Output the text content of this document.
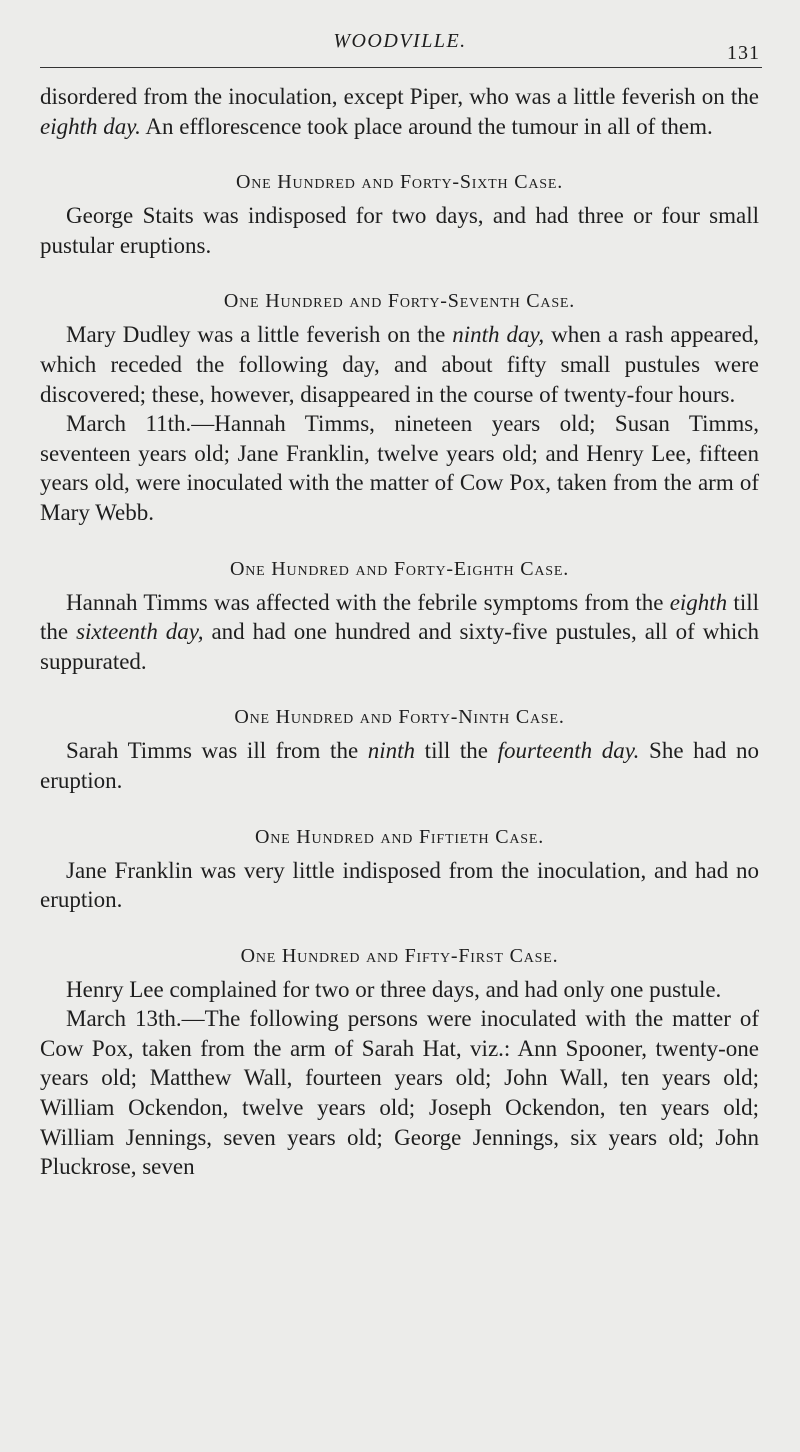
WOODVILLE.
131

disordered from the inoculation, except Piper, who was a little feverish on the eighth day. An efflorescence took place around the tumour in all of them.

One Hundred and Forty-Sixth Case.

George Staits was indisposed for two days, and had three or four small pustular eruptions.

One Hundred and Forty-Seventh Case.

Mary Dudley was a little feverish on the ninth day, when a rash appeared, which receded the following day, and about fifty small pustules were discovered; these, however, disappeared in the course of twenty-four hours.

March 11th.—Hannah Timms, nineteen years old; Susan Timms, seventeen years old; Jane Franklin, twelve years old; and Henry Lee, fifteen years old, were inoculated with the matter of Cow Pox, taken from the arm of Mary Webb.

One Hundred and Forty-Eighth Case.

Hannah Timms was affected with the febrile symptoms from the eighth till the sixteenth day, and had one hundred and sixty-five pustules, all of which suppurated.

One Hundred and Forty-Ninth Case.

Sarah Timms was ill from the ninth till the fourteenth day. She had no eruption.

One Hundred and Fiftieth Case.

Jane Franklin was very little indisposed from the inoculation, and had no eruption.

One Hundred and Fifty-First Case.

Henry Lee complained for two or three days, and had only one pustule.

March 13th.—The following persons were inoculated with the matter of Cow Pox, taken from the arm of Sarah Hat, viz.: Ann Spooner, twenty-one years old; Matthew Wall, fourteen years old; John Wall, ten years old; William Ockendon, twelve years old; Joseph Ockendon, ten years old; William Jennings, seven years old; George Jennings, six years old; John Pluckrose, seven
